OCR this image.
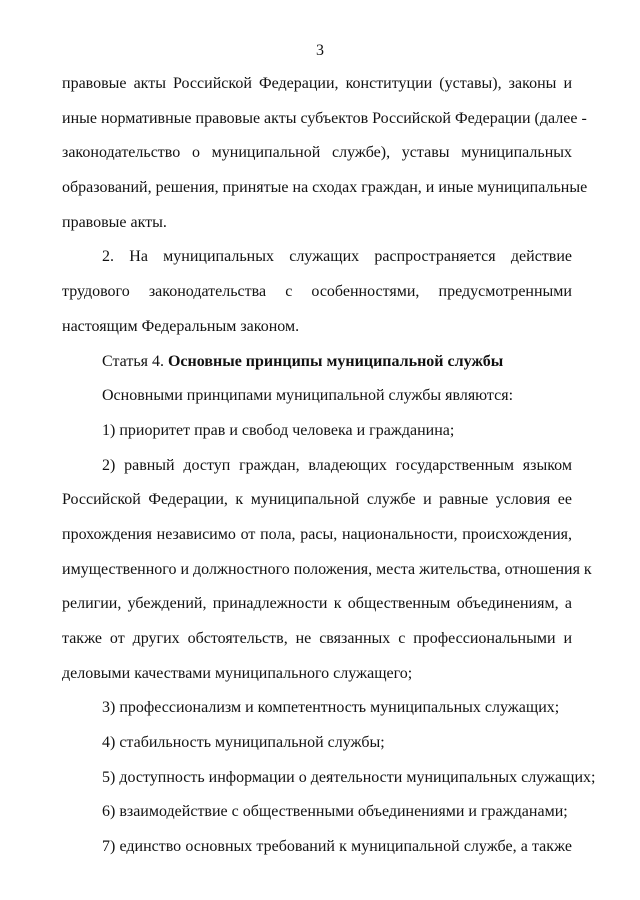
3
правовые акты Российской Федерации, конституции (уставы), законы и
иные нормативные правовые акты субъектов Российской Федерации (далее -
законодательство о муниципальной службе), уставы муниципальных
образований, решения, принятые на сходах граждан, и иные муниципальные
правовые акты.
2. На муниципальных служащих распространяется действие
трудового законодательства с особенностями, предусмотренными
настоящим Федеральным законом.
Статья 4. Основные принципы муниципальной службы
Основными принципами муниципальной службы являются:
1) приоритет прав и свобод человека и гражданина;
2) равный доступ граждан, владеющих государственным языком
Российской Федерации, к муниципальной службе и равные условия ее
прохождения независимо от пола, расы, национальности, происхождения,
имущественного и должностного положения, места жительства, отношения к
религии, убеждений, принадлежности к общественным объединениям, а
также от других обстоятельств, не связанных с профессиональными и
деловыми качествами муниципального служащего;
3) профессионализм и компетентность муниципальных служащих;
4) стабильность муниципальной службы;
5) доступность информации о деятельности муниципальных служащих;
6) взаимодействие с общественными объединениями и гражданами;
7) единство основных требований к муниципальной службе, а также
